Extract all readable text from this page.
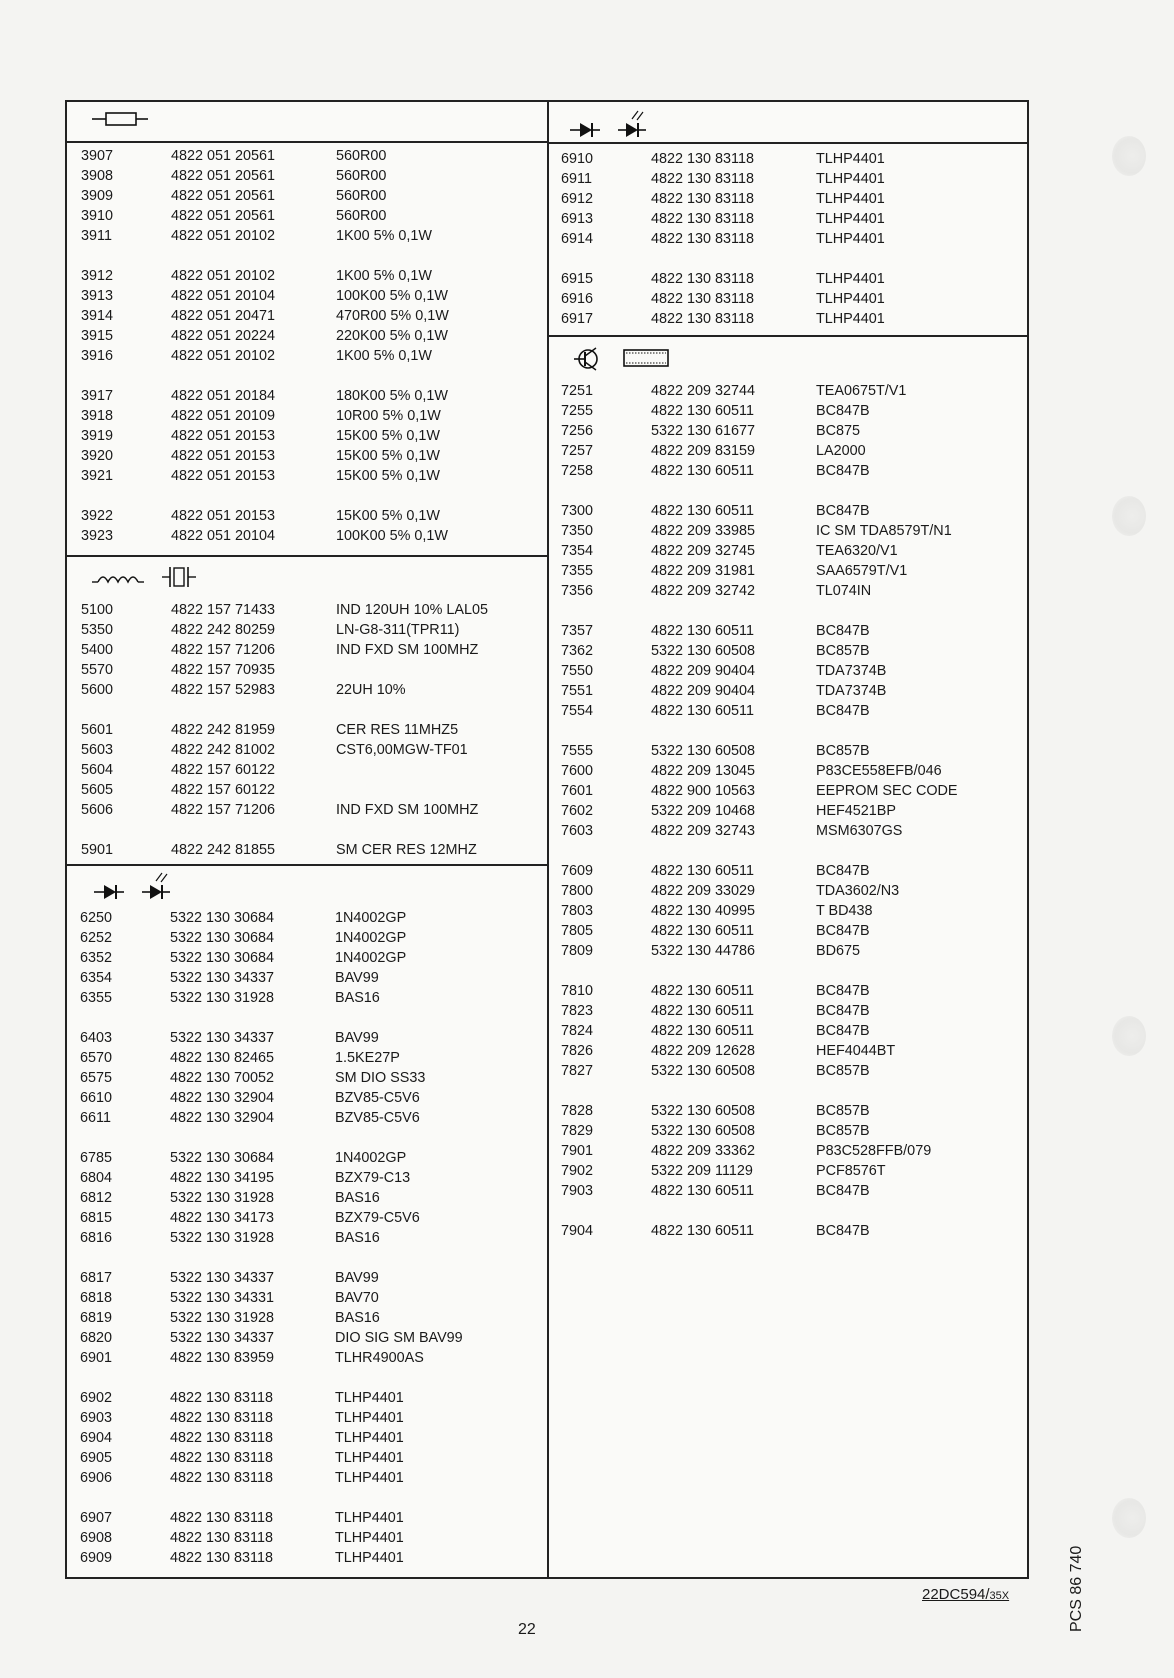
3907	4822 051 20561	560R00
3908	4822 051 20561	560R00
3909	4822 051 20561	560R00
3910	4822 051 20561	560R00
3911	4822 051 20102	1K00 5% 0,1W
3912	4822 051 20102	1K00 5% 0,1W
3913	4822 051 20104	100K00 5% 0,1W
3914	4822 051 20471	470R00 5% 0,1W
3915	4822 051 20224	220K00 5% 0,1W
3916	4822 051 20102	1K00 5% 0,1W
3917	4822 051 20184	180K00 5% 0,1W
3918	4822 051 20109	10R00 5% 0,1W
3919	4822 051 20153	15K00 5% 0,1W
3920	4822 051 20153	15K00 5% 0,1W
3921	4822 051 20153	15K00 5% 0,1W
3922	4822 051 20153	15K00 5% 0,1W
3923	4822 051 20104	100K00 5% 0,1W
5100	4822 157 71433	IND 120UH 10% LAL05
5350	4822 242 80259	LN-G8-311(TPR11)
5400	4822 157 71206	IND FXD SM 100MHZ
5570	4822 157 70935
5600	4822 157 52983	22UH 10%
5601	4822 242 81959	CER RES 11MHZ5
5603	4822 242 81002	CST6,00MGW-TF01
5604	4822 157 60122
5605	4822 157 60122
5606	4822 157 71206	IND FXD SM 100MHZ
5901	4822 242 81855	SM CER RES 12MHZ
6250	5322 130 30684	1N4002GP
6252	5322 130 30684	1N4002GP
6352	5322 130 30684	1N4002GP
6354	5322 130 34337	BAV99
6355	5322 130 31928	BAS16
6403	5322 130 34337	BAV99
6570	4822 130 82465	1.5KE27P
6575	4822 130 70052	SM DIO SS33
6610	4822 130 32904	BZV85-C5V6
6611	4822 130 32904	BZV85-C5V6
6785	5322 130 30684	1N4002GP
6804	4822 130 34195	BZX79-C13
6812	5322 130 31928	BAS16
6815	4822 130 34173	BZX79-C5V6
6816	5322 130 31928	BAS16
6817	5322 130 34337	BAV99
6818	5322 130 34331	BAV70
6819	5322 130 31928	BAS16
6820	5322 130 34337	DIO SIG SM BAV99
6901	4822 130 83959	TLHR4900AS
6902	4822 130 83118	TLHP4401
6903	4822 130 83118	TLHP4401
6904	4822 130 83118	TLHP4401
6905	4822 130 83118	TLHP4401
6906	4822 130 83118	TLHP4401
6907	4822 130 83118	TLHP4401
6908	4822 130 83118	TLHP4401
6909	4822 130 83118	TLHP4401
6910	4822 130 83118	TLHP4401
6911	4822 130 83118	TLHP4401
6912	4822 130 83118	TLHP4401
6913	4822 130 83118	TLHP4401
6914	4822 130 83118	TLHP4401
6915	4822 130 83118	TLHP4401
6916	4822 130 83118	TLHP4401
6917	4822 130 83118	TLHP4401
7251	4822 209 32744	TEA0675T/V1
7255	4822 130 60511	BC847B
7256	5322 130 61677	BC875
7257	4822 209 83159	LA2000
7258	4822 130 60511	BC847B
7300	4822 130 60511	BC847B
7350	4822 209 33985	IC SM TDA8579T/N1
7354	4822 209 32745	TEA6320/V1
7355	4822 209 31981	SAA6579T/V1
7356	4822 209 32742	TL074IN
7357	4822 130 60511	BC847B
7362	5322 130 60508	BC857B
7550	4822 209 90404	TDA7374B
7551	4822 209 90404	TDA7374B
7554	4822 130 60511	BC847B
7555	5322 130 60508	BC857B
7600	4822 209 13045	P83CE558EFB/046
7601	4822 900 10563	EEPROM SEC CODE
7602	5322 209 10468	HEF4521BP
7603	4822 209 32743	MSM6307GS
7609	4822 130 60511	BC847B
7800	4822 209 33029	TDA3602/N3
7803	4822 130 40995	T BD438
7805	4822 130 60511	BC847B
7809	5322 130 44786	BD675
7810	4822 130 60511	BC847B
7823	4822 130 60511	BC847B
7824	4822 130 60511	BC847B
7826	4822 209 12628	HEF4044BT
7827	5322 130 60508	BC857B
7828	5322 130 60508	BC857B
7829	5322 130 60508	BC857B
7901	4822 209 33362	P83C528FFB/079
7902	5322 209 11129	PCF8576T
7903	4822 130 60511	BC847B
7904	4822 130 60511	BC847B
22DC594/35X
22	PCS 86 740
